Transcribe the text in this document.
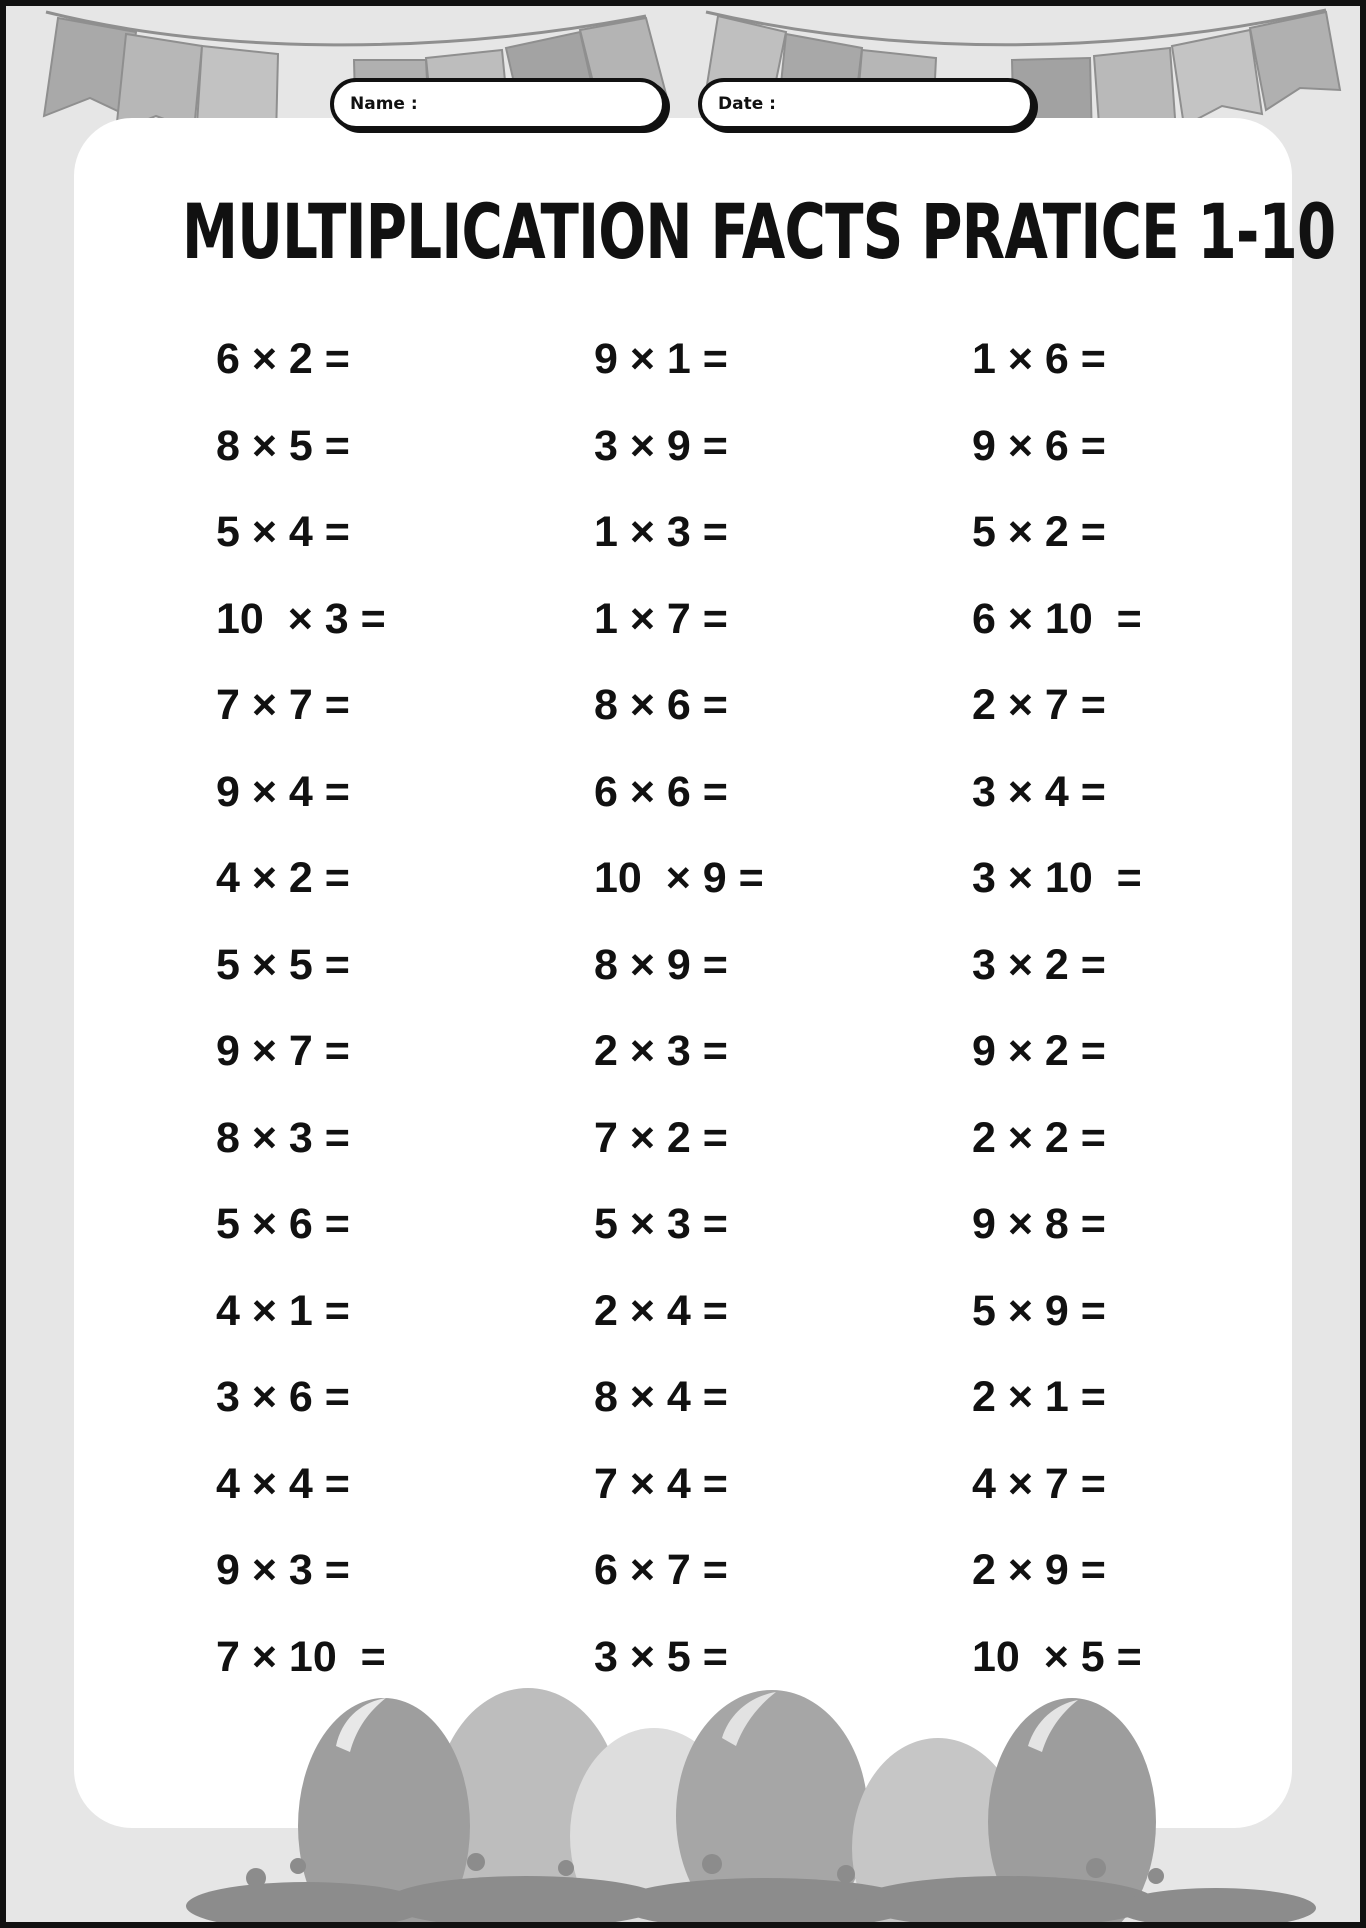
Name :	Date :
MULTIPLICATION FACTS PRATICE 1-10
6 × 2 =	9 × 1 =	1 × 6 =
8 × 5 =	3 × 9 =	9 × 6 =
5 × 4 =	1 × 3 =	5 × 2 =
10  × 3 =	1 × 7 =	6 × 10  =
7 × 7 =	8 × 6 =	2 × 7 =
9 × 4 =	6 × 6 =	3 × 4 =
4 × 2 =	10  × 9 =	3 × 10  =
5 × 5 =	8 × 9 =	3 × 2 =
9 × 7 =	2 × 3 =	9 × 2 =
8 × 3 =	7 × 2 =	2 × 2 =
5 × 6 =	5 × 3 =	9 × 8 =
4 × 1 =	2 × 4 =	5 × 9 =
3 × 6 =	8 × 4 =	2 × 1 =
4 × 4 =	7 × 4 =	4 × 7 =
9 × 3 =	6 × 7 =	2 × 9 =
7 × 10  =	3 × 5 =	10  × 5 =
